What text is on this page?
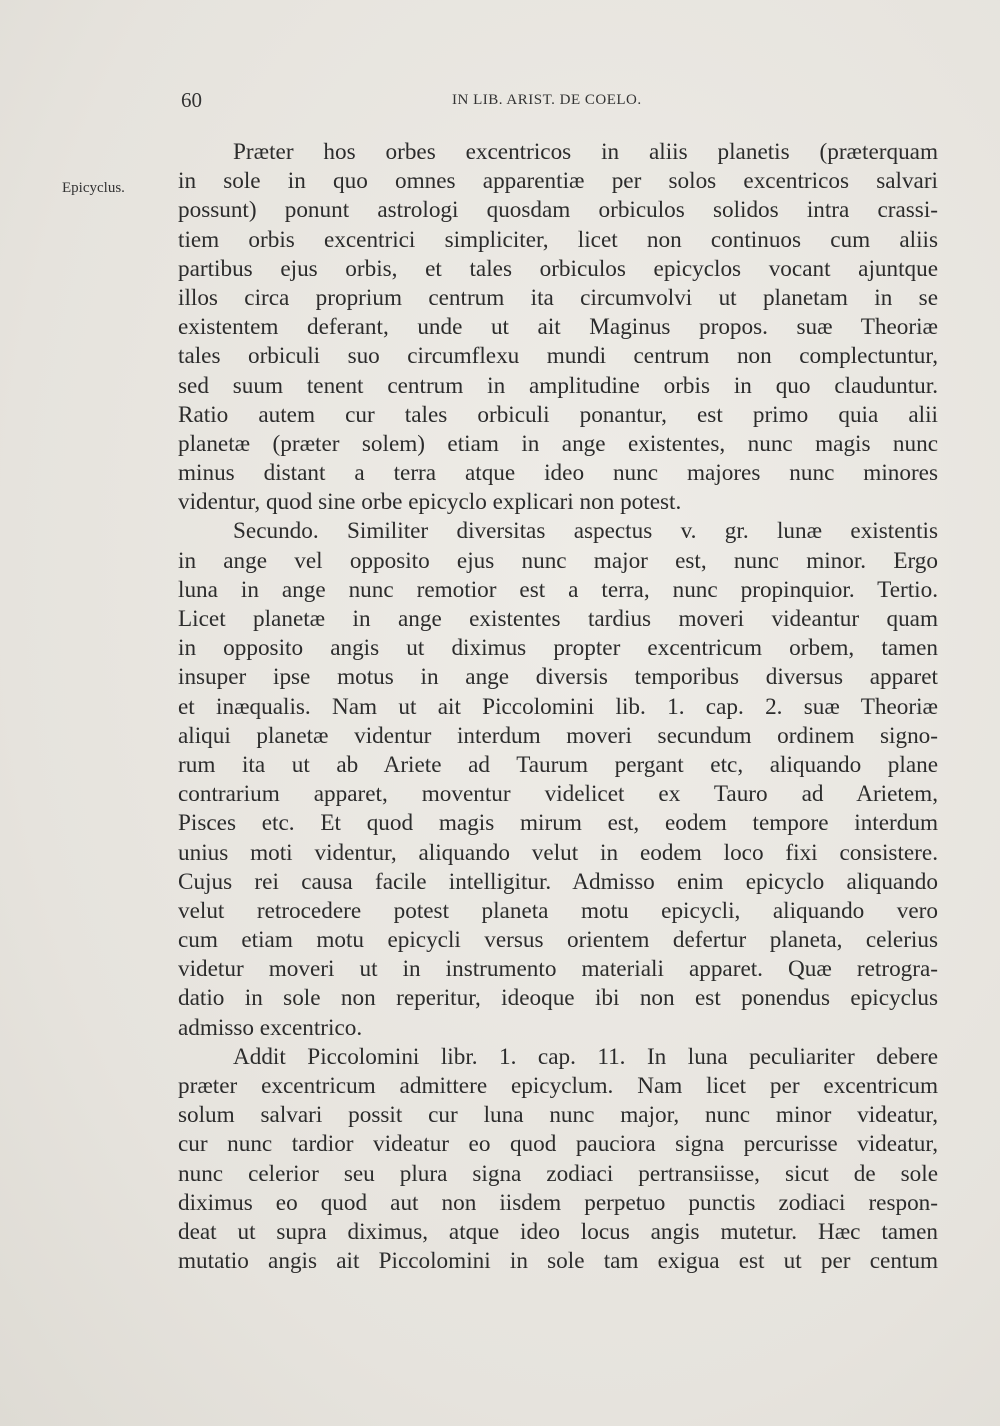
60	IN LIB. ARIST. DE COELO.
Epicyclus.
Præter hos orbes excentricos in aliis planetis (præterquam
in sole in quo omnes apparentiæ per solos excentricos salvari
possunt) ponunt astrologi quosdam orbiculos solidos intra crassi-
tiem orbis excentrici simpliciter, licet non continuos cum aliis
partibus ejus orbis, et tales orbiculos epicyclos vocant ajuntque
illos circa proprium centrum ita circumvolvi ut planetam in se
existentem deferant, unde ut ait Maginus propos. suæ Theoriæ
tales orbiculi suo circumflexu mundi centrum non complectuntur,
sed suum tenent centrum in amplitudine orbis in quo clauduntur.
Ratio autem cur tales orbiculi ponantur, est primo quia alii
planetæ (præter solem) etiam in ange existentes, nunc magis nunc
minus distant a terra atque ideo nunc majores nunc minores
videntur, quod sine orbe epicyclo explicari non potest.
Secundo. Similiter diversitas aspectus v. gr. lunæ existentis
in ange vel opposito ejus nunc major est, nunc minor. Ergo
luna in ange nunc remotior est a terra, nunc propinquior. Tertio.
Licet planetæ in ange existentes tardius moveri videantur quam
in opposito angis ut diximus propter excentricum orbem, tamen
insuper ipse motus in ange diversis temporibus diversus apparet
et inæqualis. Nam ut ait Piccolomini lib. 1. cap. 2. suæ Theoriæ
aliqui planetæ videntur interdum moveri secundum ordinem signo-
rum ita ut ab Ariete ad Taurum pergant etc, aliquando plane
contrarium apparet, moventur videlicet ex Tauro ad Arietem,
Pisces etc. Et quod magis mirum est, eodem tempore interdum
unius moti videntur, aliquando velut in eodem loco fixi consistere.
Cujus rei causa facile intelligitur. Admisso enim epicyclo aliquando
velut retrocedere potest planeta motu epicycli, aliquando vero
cum etiam motu epicycli versus orientem defertur planeta, celerius
videtur moveri ut in instrumento materiali apparet. Quæ retrogra-
datio in sole non reperitur, ideoque ibi non est ponendus epicyclus
admisso excentrico.
Addit Piccolomini libr. 1. cap. 11. In luna peculiariter debere
præter excentricum admittere epicyclum. Nam licet per excentricum
solum salvari possit cur luna nunc major, nunc minor videatur,
cur nunc tardior videatur eo quod pauciora signa percurisse videatur,
nunc celerior seu plura signa zodiaci pertransiisse, sicut de sole
diximus eo quod aut non iisdem perpetuo punctis zodiaci respon-
deat ut supra diximus, atque ideo locus angis mutetur. Hæc tamen
mutatio angis ait Piccolomini in sole tam exigua est ut per centum
